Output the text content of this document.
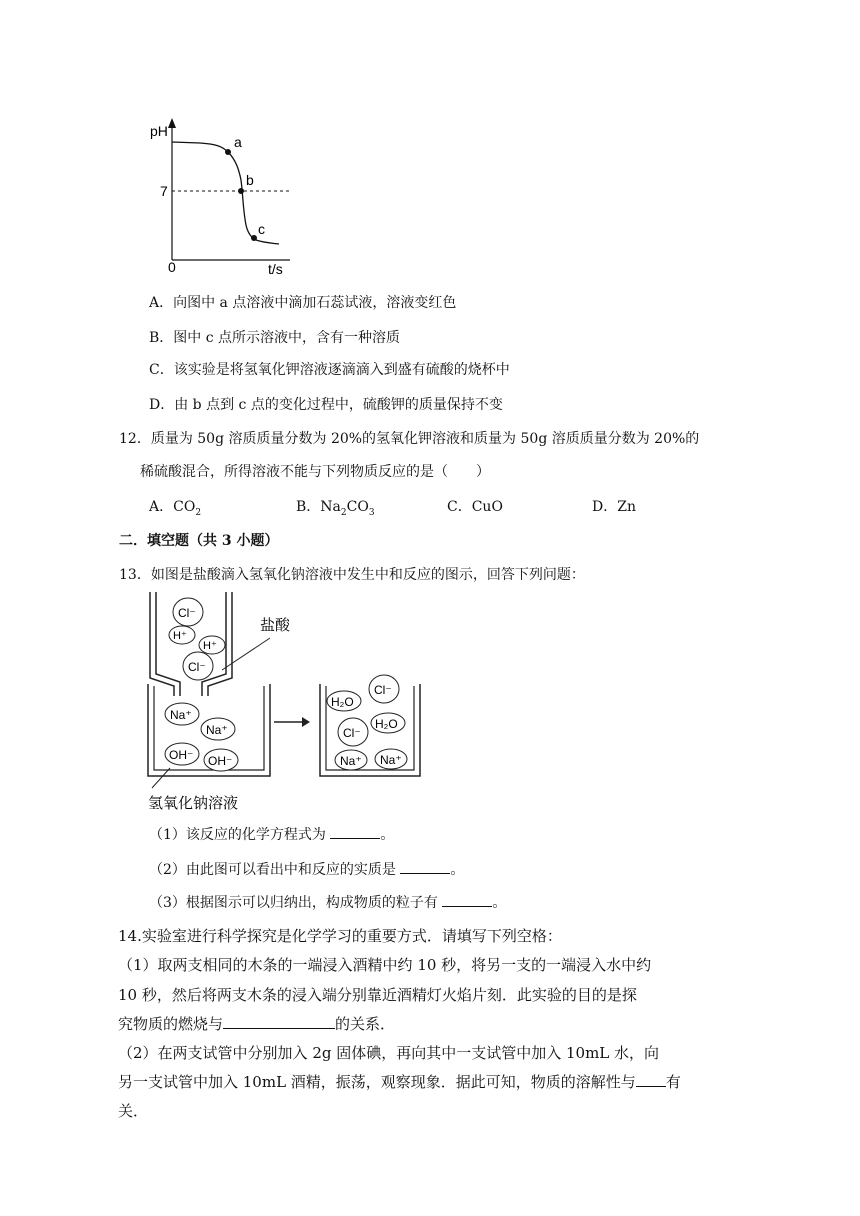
pH
7
0	t/s
a
b
c
A．向图中 a 点溶液中滴加石蕊试液，溶液变红色
B．图中 c 点所示溶液中，含有一种溶质
C．该实验是将氢氧化钾溶液逐滴滴入到盛有硫酸的烧杯中
D．由 b 点到 c 点的变化过程中，硫酸钾的质量保持不变
12．质量为 50g 溶质质量分数为 20%的氢氧化钾溶液和质量为 50g 溶质质量分数为 20%的
稀硫酸混合，所得溶液不能与下列物质反应的是（　　）
A．$CO_2$	B．$Na_2CO_3$	C．CuO	D．Zn
二．填空题（共 3 小题）
13．如图是盐酸滴入氢氧化钠溶液中发生中和反应的图示，回答下列问题：
Cl⁻
H⁺
H⁺
Cl⁻
盐酸
Na⁺
Na⁺
OH⁻ OH⁻
氢氧化钠溶液
H₂O
Cl⁻
H₂O
Cl⁻
Na⁺ Na⁺
（1）该反应的化学方程式为	。
（2）由此图可以看出中和反应的实质是	。
（3）根据图示可以归纳出，构成物质的粒子有	。
14.实验室进行科学探究是化学学习的重要方式．请填写下列空格：
（1）取两支相同的木条的一端浸入酒精中约 10 秒，将另一支的一端浸入水中约
10 秒，然后将两支木条的浸入端分别靠近酒精灯火焰片刻．此实验的目的是探
究物质的燃烧与	的关系．
（2）在两支试管中分别加入 2g 固体碘，再向其中一支试管中加入 10mL 水，向
另一支试管中加入 10mL 酒精，振荡，观察现象．据此可知，物质的溶解性与 有
关．
